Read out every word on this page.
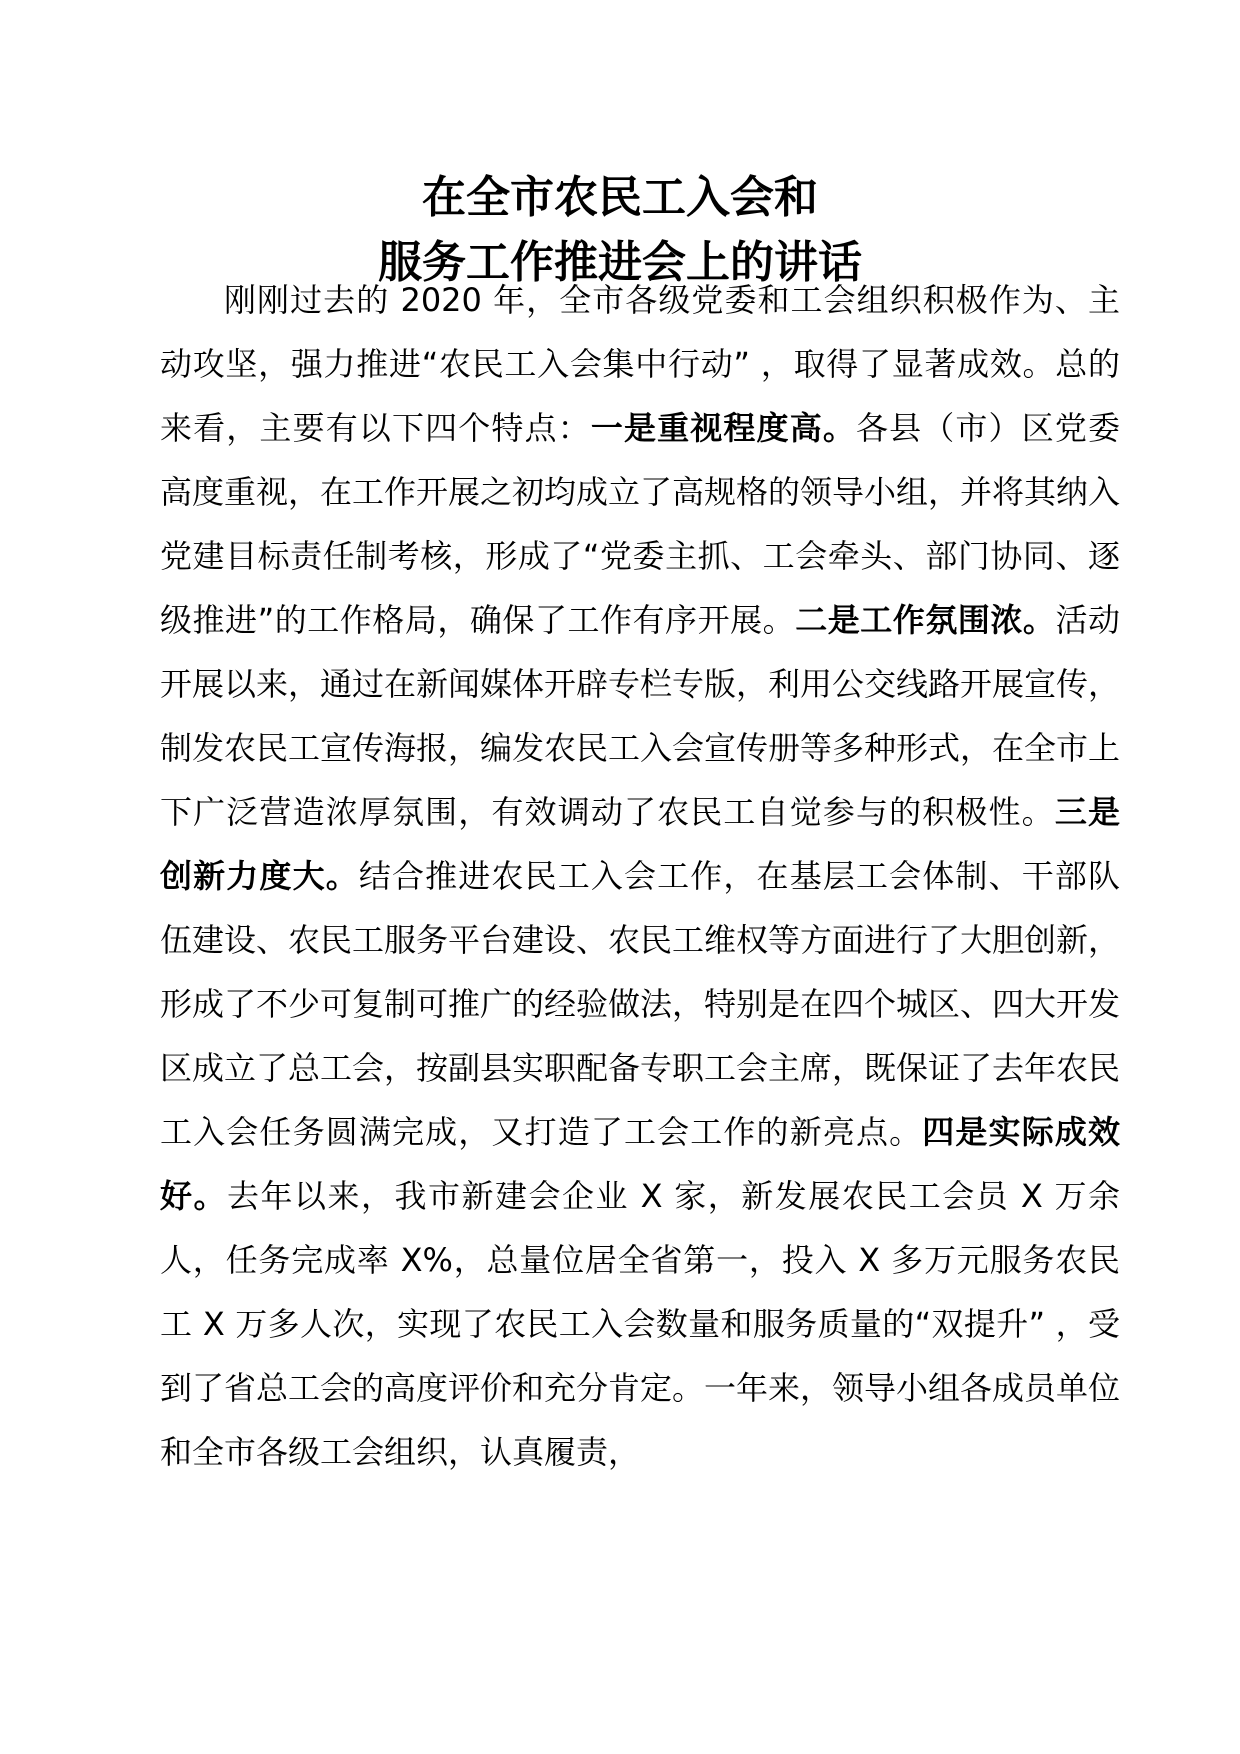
在全市农民工入会和
服务工作推进会上的讲话

刚刚过去的 2020 年，全市各级党委和工会组织积极作为、主动攻坚，强力推进“农民工入会集中行动” ，取得了显著成效。总的来看，主要有以下四个特点：一是重视程度高。各县（市）区党委高度重视，在工作开展之初均成立了高规格的领导小组，并将其纳入党建目标责任制考核，形成了“党委主抓、工会牵头、部门协同、逐级推进”的工作格局，确保了工作有序开展。二是工作氛围浓。活动开展以来，通过在新闻媒体开辟专栏专版，利用公交线路开展宣传，制发农民工宣传海报，编发农民工入会宣传册等多种形式，在全市上下广泛营造浓厚氛围，有效调动了农民工自觉参与的积极性。三是创新力度大。结合推进农民工入会工作，在基层工会体制、干部队伍建设、农民工服务平台建设、农民工维权等方面进行了大胆创新，形成了不少可复制可推广的经验做法，特别是在四个城区、四大开发区成立了总工会，按副县实职配备专职工会主席，既保证了去年农民工入会任务圆满完成，又打造了工会工作的新亮点。四是实际成效好。去年以来，我市新建会企业 X 家，新发展农民工会员 X 万余人，任务完成率 X%，总量位居全省第一，投入 X 多万元服务农民工 X 万多人次，实现了农民工入会数量和服务质量的“双提升” ，受到了省总工会的高度评价和充分肯定。一年来，领导小组各成员单位和全市各级工会组织，认真履责，
